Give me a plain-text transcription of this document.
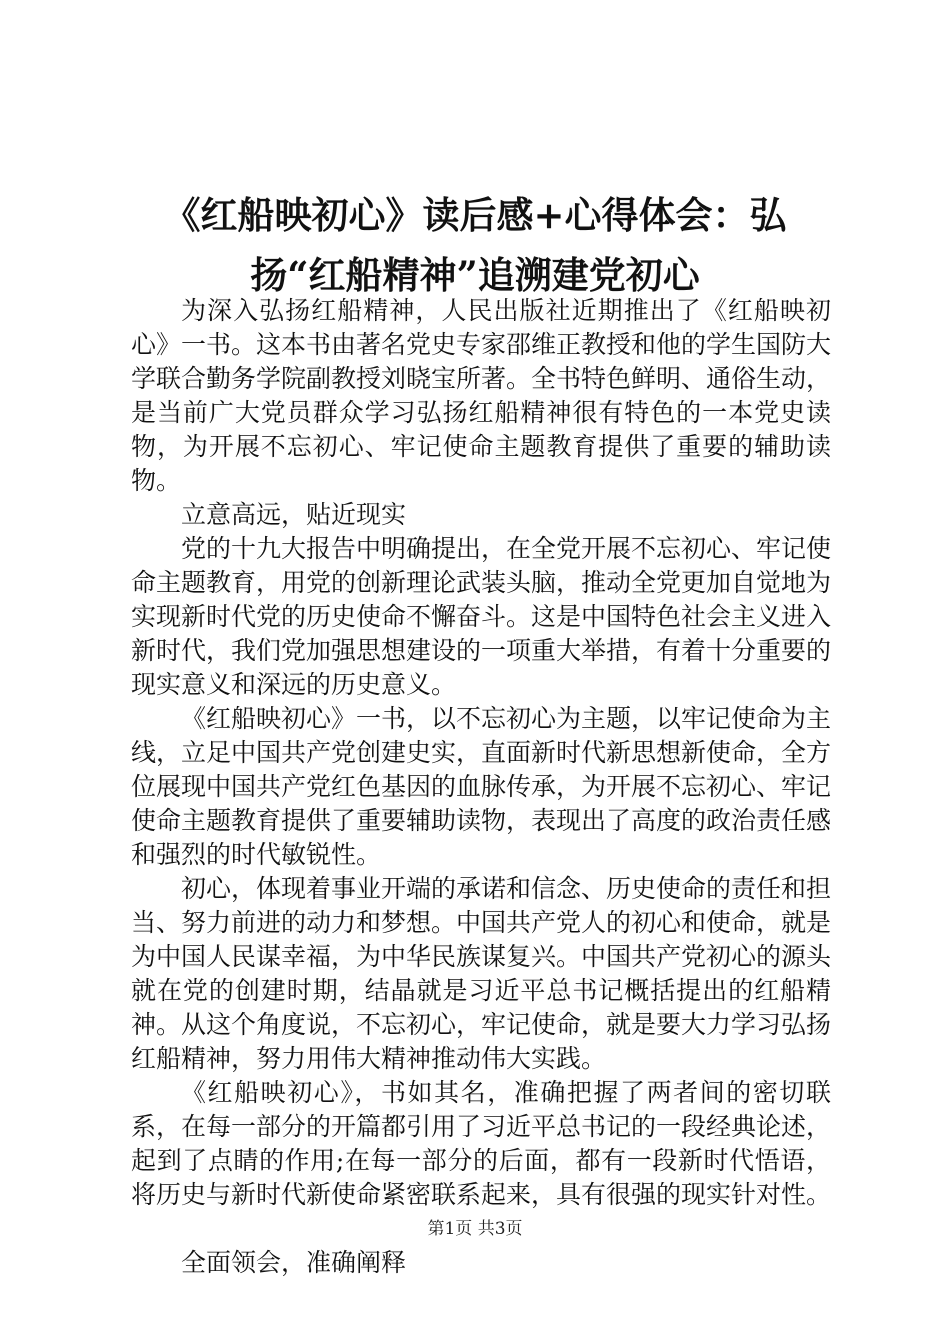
《红船映初心》读后感+心得体会：弘扬“红船精神”追溯建党初心

为深入弘扬红船精神，人民出版社近期推出了《红船映初心》一书。这本书由著名党史专家邵维正教授和他的学生国防大学联合勤务学院副教授刘晓宝所著。全书特色鲜明、通俗生动，是当前广大党员群众学习弘扬红船精神很有特色的一本党史读物，为开展不忘初心、牢记使命主题教育提供了重要的辅助读物。

立意高远，贴近现实

党的十九大报告中明确提出，在全党开展不忘初心、牢记使命主题教育，用党的创新理论武装头脑，推动全党更加自觉地为实现新时代党的历史使命不懈奋斗。这是中国特色社会主义进入新时代，我们党加强思想建设的一项重大举措，有着十分重要的现实意义和深远的历史意义。

《红船映初心》一书，以不忘初心为主题，以牢记使命为主线，立足中国共产党创建史实，直面新时代新思想新使命，全方位展现中国共产党红色基因的血脉传承，为开展不忘初心、牢记使命主题教育提供了重要辅助读物，表现出了高度的政治责任感和强烈的时代敏锐性。

初心，体现着事业开端的承诺和信念、历史使命的责任和担当、努力前进的动力和梦想。中国共产党人的初心和使命，就是为中国人民谋幸福，为中华民族谋复兴。中国共产党初心的源头就在党的创建时期，结晶就是习近平总书记概括提出的红船精神。从这个角度说，不忘初心，牢记使命，就是要大力学习弘扬红船精神，努力用伟大精神推动伟大实践。

《红船映初心》，书如其名，准确把握了两者间的密切联系，在每一部分的开篇都引用了习近平总书记的一段经典论述，起到了点睛的作用;在每一部分的后面，都有一段新时代悟语，将历史与新时代新使命紧密联系起来，具有很强的现实针对性。

全面领会，准确阐释

第1页 共3页
